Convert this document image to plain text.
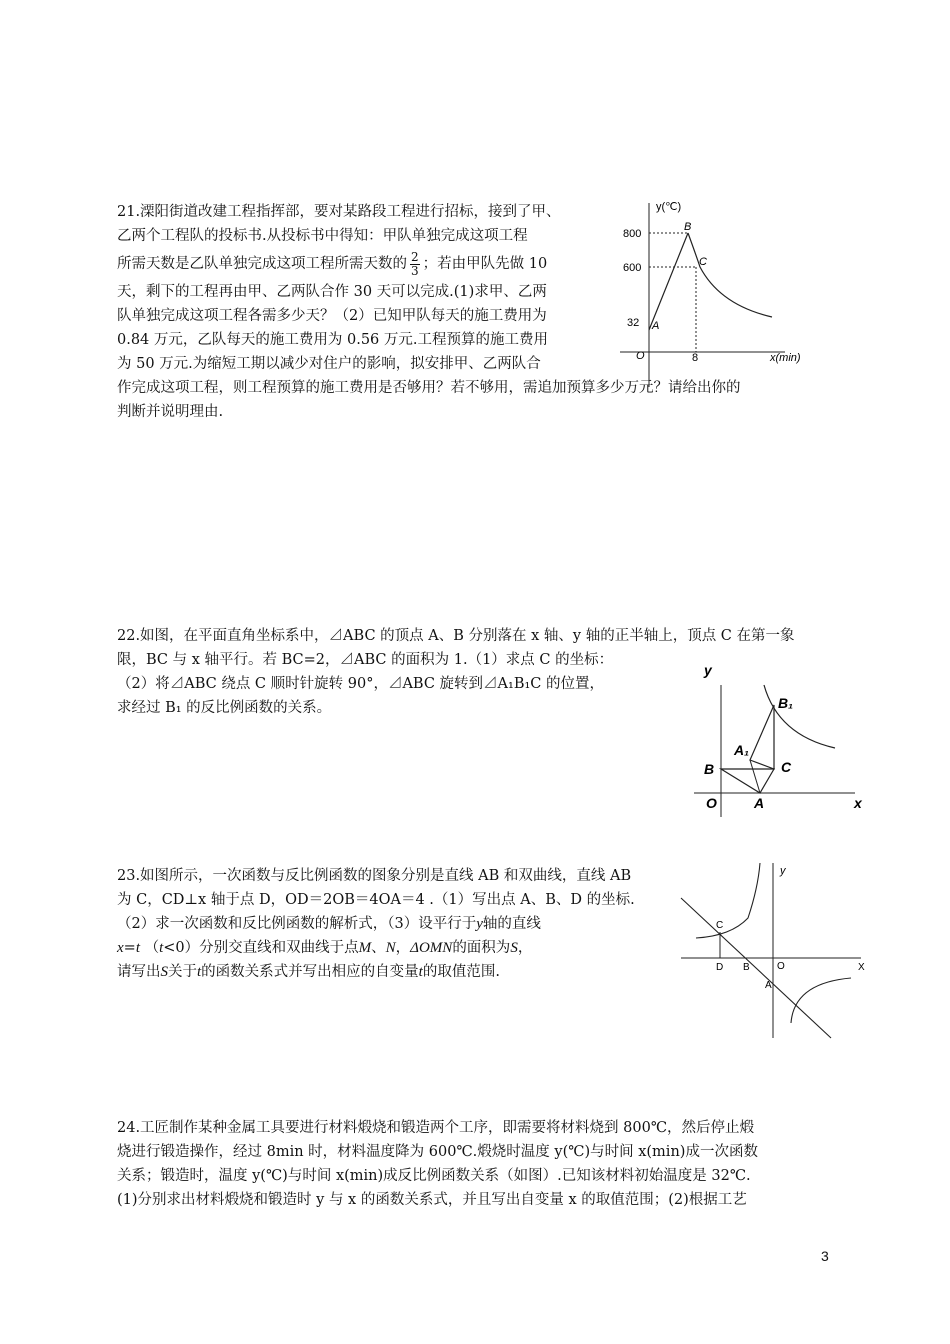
21.溧阳街道改建工程指挥部，要对某路段工程进行招标，接到了甲、
乙两个工程队的投标书.从投标书中得知：甲队单独完成这项工程
所需天数是乙队单独完成这项工程所需天数的 $\frac{2}{3}$ ；若由甲队先做 10
天，剩下的工程再由甲、乙两队合作 30 天可以完成.(1)求甲、乙两
队单独完成这项工程各需多少天？（2）已知甲队每天的施工费用为
0.84 万元，乙队每天的施工费用为 0.56 万元.工程预算的施工费用
为 50 万元.为缩短工期以减少对住户的影响，拟安排甲、乙两队合
作完成这项工程，则工程预算的施工费用是否够用？若不够用，需追加预算多少万元？请给出你的
判断并说明理由.
y(℃)
x(min)
O
800
600
32
8
A
B
C
22.如图，在平面直角坐标系中，⊿ABC 的顶点 A、B 分别落在 x 轴、y 轴的正半轴上，顶点 C 在第一象
限，BC 与 x 轴平行。若 BC=2，⊿ABC 的面积为 1.（1）求点 C 的坐标：
（2）将⊿ABC 绕点 C 顺时针旋转 90°，⊿ABC 旋转到⊿A₁B₁C 的位置，
求经过 B₁ 的反比例函数的关系。
y
x
O
B
A
C
A₁
B₁
23.如图所示，一次函数与反比例函数的图象分别是直线 AB 和双曲线，直线 AB
为 C，CD⊥x 轴于点 D，OD＝2OB＝4OA＝4 .（1）写出点 A、B、D 的坐标.
（2）求一次函数和反比例函数的解析式，（3）设平行于y轴的直线
x=t （t<0）分别交直线和双曲线于点M、N，ΔOMN的面积为S，
请写出S关于t的函数关系式并写出相应的自变量t的取值范围.
y
X
O
C
D B
A
24.工匠制作某种金属工具要进行材料煅烧和锻造两个工序，即需要将材料烧到 800℃，然后停止煅
烧进行锻造操作，经过 8min 时，材料温度降为 600℃.煅烧时温度 y(℃)与时间 x(min)成一次函数
关系；锻造时，温度 y(℃)与时间 x(min)成反比例函数关系（如图）.已知该材料初始温度是 32℃.
(1)分别求出材料煅烧和锻造时 y 与 x 的函数关系式，并且写出自变量 x 的取值范围；(2)根据工艺
3
